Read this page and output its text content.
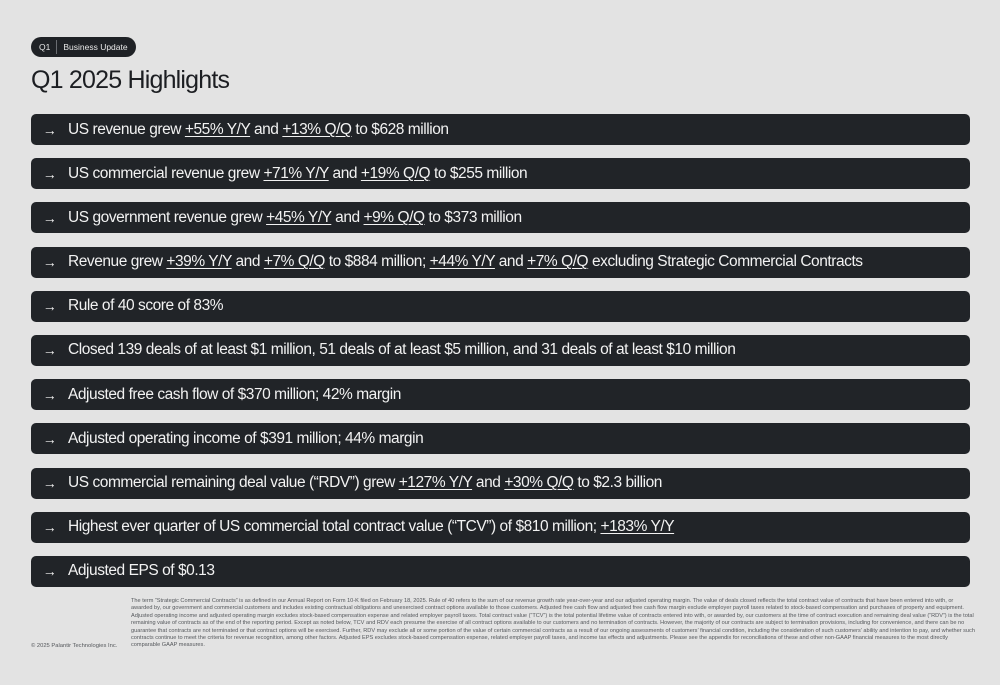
Q1	Business Update
Q1 2025 Highlights
→ US revenue grew +55% Y/Y and +13% Q/Q to $628 million
→ US commercial revenue grew +71% Y/Y and +19% Q/Q to $255 million
→ US government revenue grew +45% Y/Y and +9% Q/Q to $373 million
→ Revenue grew +39% Y/Y and +7% Q/Q to $884 million; +44% Y/Y and +7% Q/Q excluding Strategic Commercial Contracts
→ Rule of 40 score of 83%
→ Closed 139 deals of at least $1 million, 51 deals of at least $5 million, and 31 deals of at least $10 million
→ Adjusted free cash flow of $370 million; 42% margin
→ Adjusted operating income of $391 million; 44% margin
→ US commercial remaining deal value (“RDV”) grew +127% Y/Y and +30% Q/Q to $2.3 billion
→ Highest ever quarter of US commercial total contract value (“TCV”) of $810 million; +183% Y/Y
→ Adjusted EPS of $0.13
© 2025 Palantir Technologies Inc.
The term “Strategic Commercial Contracts” is as defined in our Annual Report on Form 10-K filed on February 18, 2025. Rule of 40 refers to the sum of our revenue growth rate year-over-year and our adjusted operating margin. The value of deals closed reflects the total contract value of contracts that have been entered into with, or awarded by, our government and commercial customers and includes existing contractual obligations and unexercised contract options available to those customers. Adjusted free cash flow and adjusted free cash flow margin exclude employer payroll taxes related to stock-based compensation and purchases of property and equipment. Adjusted operating income and adjusted operating margin excludes stock-based compensation expense and related employer payroll taxes. Total contract value (“TCV”) is the total potential lifetime value of contracts entered into with, or awarded by, our customers at the time of contract execution and remaining deal value (“RDV”) is the total remaining value of contracts as of the end of the reporting period. Except as noted below, TCV and RDV each presume the exercise of all contract options available to our customers and no termination of contracts. However, the majority of our contracts are subject to termination provisions, including for convenience, and there can be no guarantee that contracts are not terminated or that contract options will be exercised. Further, RDV may exclude all or some portion of the value of certain commercial contracts as a result of our ongoing assessments of customers’ financial condition, including the consideration of such customers’ ability and intention to pay, and whether such contracts continue to meet the criteria for revenue recognition, among other factors. Adjusted EPS excludes stock-based compensation expense, related employer payroll taxes, and income tax effects and adjustments. Please see the appendix for reconciliations of these and other non-GAAP financial measures to the most directly comparable GAAP measures.
